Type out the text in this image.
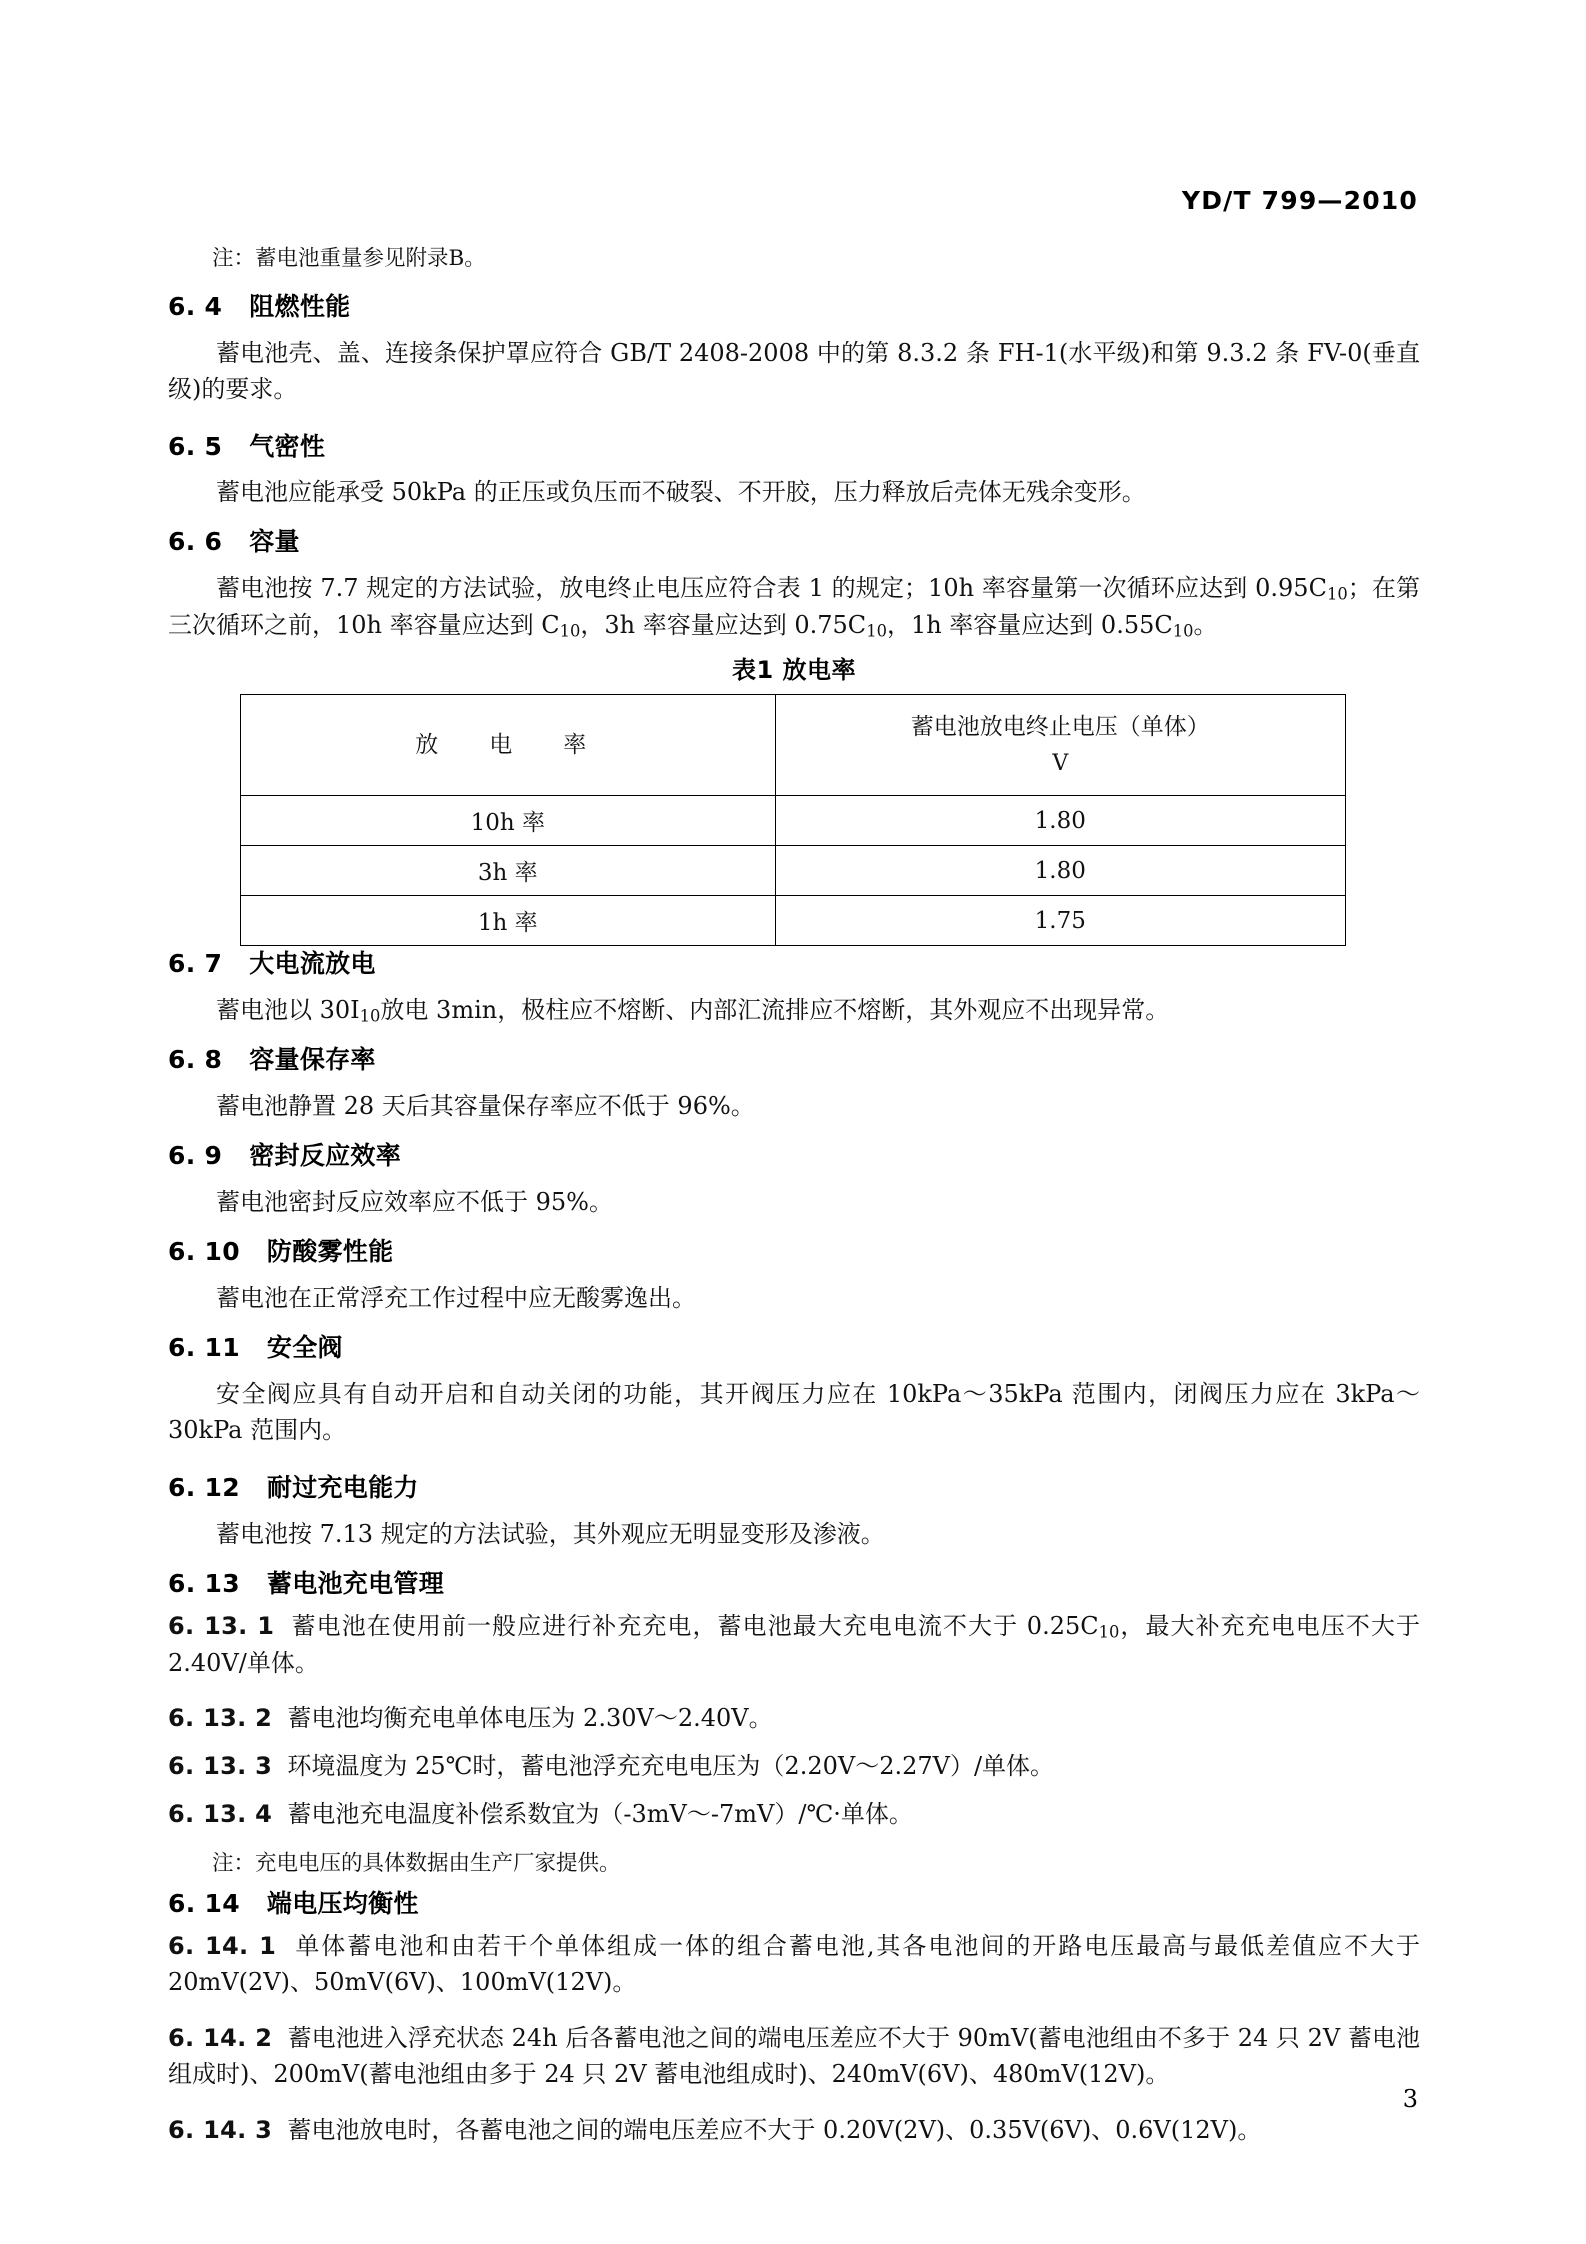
YD/T 799—2010
注：蓄电池重量参见附录B。
6. 4 阻燃性能
蓄电池壳、盖、连接条保护罩应符合 GB/T 2408-2008 中的第 8.3.2 条 FH-1(水平级)和第 9.3.2 条 FV-0(垂直级)的要求。
6. 5 气密性
蓄电池应能承受 50kPa 的正压或负压而不破裂、不开胶，压力释放后壳体无残余变形。
6. 6 容量
蓄电池按 7.7 规定的方法试验，放电终止电压应符合表 1 的规定；10h 率容量第一次循环应达到 $0.95C_{10}$；在第三次循环之前，10h 率容量应达到 $C_{10}$，3h 率容量应达到 $0.75C_{10}$，1h 率容量应达到 $0.55C_{10}$。
表1 放电率
放　电　率	蓄电池放电终止电压（单体）
V

10h 率	1.80
3h 率	1.80
1h 率	1.75
6. 7 大电流放电
蓄电池以 $30I_{10}$放电 3min，极柱应不熔断、内部汇流排应不熔断，其外观应不出现异常。
6. 8 容量保存率
蓄电池静置 28 天后其容量保存率应不低于 96%。
6. 9 密封反应效率
蓄电池密封反应效率应不低于 95%。
6. 10 防酸雾性能
蓄电池在正常浮充工作过程中应无酸雾逸出。
6. 11 安全阀
安全阀应具有自动开启和自动关闭的功能，其开阀压力应在 10kPa～35kPa 范围内，闭阀压力应在 3kPa～30kPa 范围内。
6. 12 耐过充电能力
蓄电池按 7.13 规定的方法试验，其外观应无明显变形及渗液。
6. 13 蓄电池充电管理
6. 13. 1 蓄电池在使用前一般应进行补充充电，蓄电池最大充电电流不大于 $0.25C_{10}$，最大补充充电电压不大于 2.40V/单体。
6. 13. 2 蓄电池均衡充电单体电压为 2.30V～2.40V。
6. 13. 3 环境温度为 25℃时，蓄电池浮充充电电压为（2.20V～2.27V）/单体。
6. 13. 4 蓄电池充电温度补偿系数宜为（-3mV～-7mV）/℃·单体。
注：充电电压的具体数据由生产厂家提供。
6. 14 端电压均衡性
6. 14. 1 单体蓄电池和由若干个单体组成一体的组合蓄电池,其各电池间的开路电压最高与最低差值应不大于 20mV(2V)、50mV(6V)、100mV(12V)。
6. 14. 2 蓄电池进入浮充状态 24h 后各蓄电池之间的端电压差应不大于 90mV(蓄电池组由不多于 24 只 2V 蓄电池组成时)、200mV(蓄电池组由多于 24 只 2V 蓄电池组成时)、240mV(6V)、480mV(12V)。
6. 14. 3 蓄电池放电时，各蓄电池之间的端电压差应不大于 0.20V(2V)、0.35V(6V)、0.6V(12V)。
3
